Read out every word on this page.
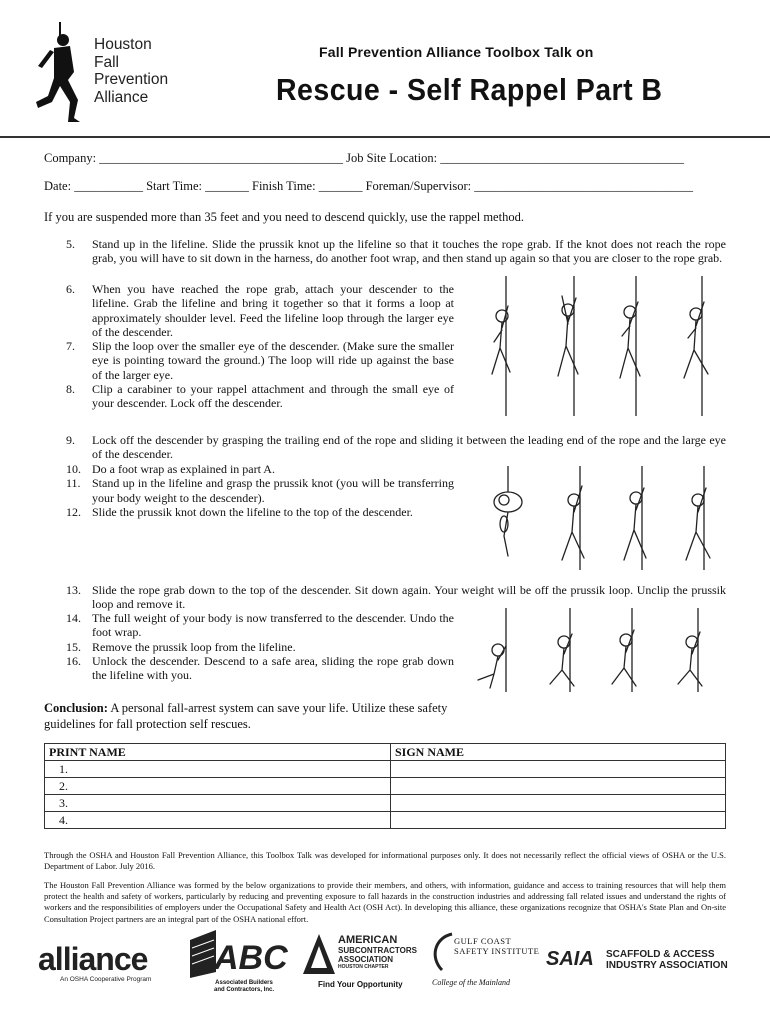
Houston
Fall
Prevention
Alliance
Fall Prevention Alliance Toolbox Talk on
Rescue - Self Rappel Part B
Company: _______________________________________ Job Site Location: _______________________________________
Date: ___________ Start Time: _______ Finish Time: _______ Foreman/Supervisor: ___________________________________
If you are suspended more than 35 feet and you need to descend quickly, use the rappel method.
5. Stand up in the lifeline. Slide the prussik knot up the lifeline so that it touches the rope grab. If the knot does not reach the rope grab, you will have to sit down in the harness, do another foot wrap, and then stand up again so that you are closer to the rope grab.
6. When you have reached the rope grab, attach your descender to the lifeline. Grab the lifeline and bring it together so that it forms a loop at approximately shoulder level. Feed the lifeline loop through the larger eye of the descender.
7. Slip the loop over the smaller eye of the descender. (Make sure the smaller eye is pointing toward the ground.) The loop will ride up against the base of the larger eye.
8. Clip a carabiner to your rappel attachment and through the small eye of your descender. Lock off the descender.
9. Lock off the descender by grasping the trailing end of the rope and sliding it between the leading end of the rope and the large eye of the descender.
10. Do a foot wrap as explained in part A.
11. Stand up in the lifeline and grasp the prussik knot (you will be transferring your body weight to the descender).
12. Slide the prussik knot down the lifeline to the top of the descender.
13. Slide the rope grab down to the top of the descender. Sit down again. Your weight will be off the prussik loop. Unclip the prussik loop and remove it.
14. The full weight of your body is now transferred to the descender. Undo the foot wrap.
15. Remove the prussik loop from the lifeline.
16. Unlock the descender. Descend to a safe area, sliding the rope grab down the lifeline with you.
Conclusion: A personal fall-arrest system can save your life. Utilize these safety guidelines for fall protection self rescues.
PRINT NAME	SIGN NAME
1.	
2.	
3.	
4.	
Through the OSHA and Houston Fall Prevention Alliance, this Toolbox Talk was developed for informational purposes only. It does not necessarily reflect the official views of OSHA or the U.S. Department of Labor. July 2016.
The Houston Fall Prevention Alliance was formed by the below organizations to provide their members, and others, with information, guidance and access to training resources that will help them protect the health and safety of workers, particularly by reducing and preventing exposure to fall hazards in the construction industries and addressing fall related issues and understand the rights of workers and the responsibilities of employers under the Occupational Safety and Health Act (OSH Act). In developing this alliance, these organizations recognize that OSHA's State Plan and On-site Consultation Project partners are an integral part of the OSHA national effort.
alliance
An OSHA Cooperative Program
ABC
Associated Builders
and Contractors, Inc.
AMERICAN
SUBCONTRACTORS
ASSOCIATION
HOUSTON CHAPTER
Find Your Opportunity
GULF COAST
SAFETY INSTITUTE
College of the Mainland
SAIA SCAFFOLD & ACCESS
INDUSTRY ASSOCIATION
